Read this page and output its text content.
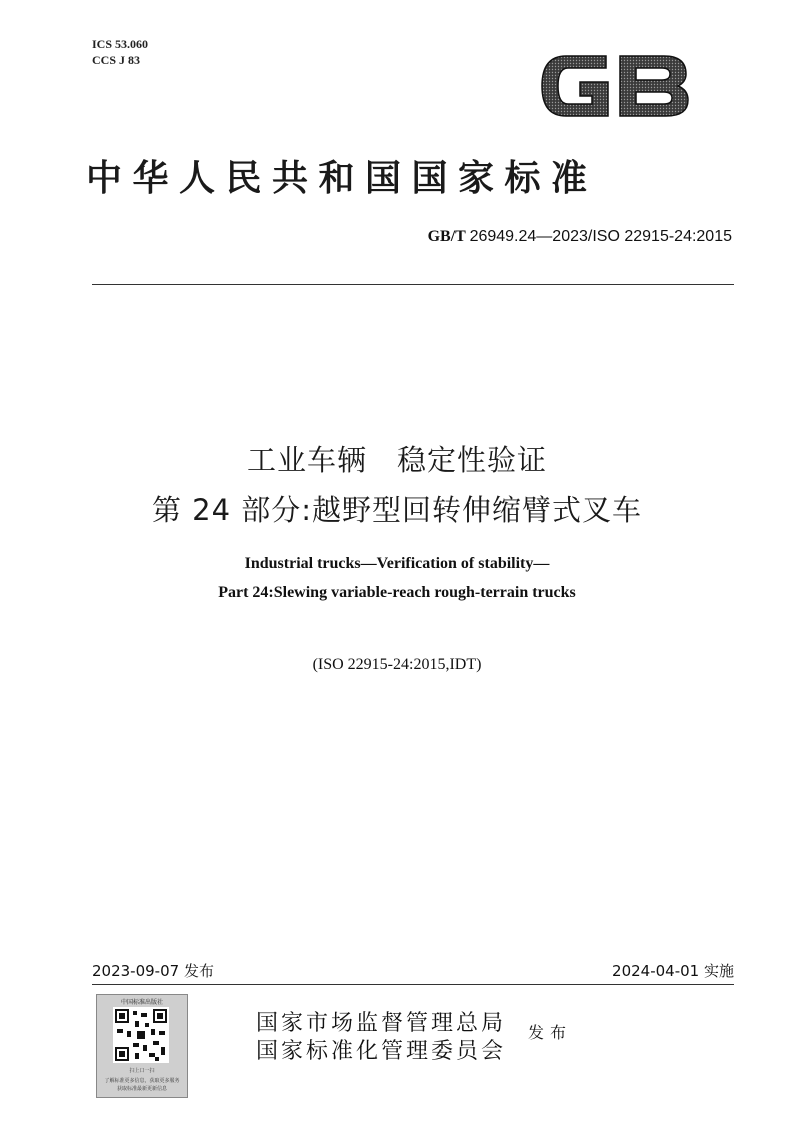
ICS 53.060
CCS J 83
中华人民共和国国家标准
GB/T 26949.24—2023/ISO 22915-24:2015
工业车辆　稳定性验证
第 24 部分:越野型回转伸缩臂式叉车
Industrial trucks—Verification of stability—
Part 24:Slewing variable-reach rough-terrain trucks
(ISO 22915-24:2015,IDT)
2023-09-07 发布	2024-04-01 实施
中国标准出版社
扫上口一扫
了解标准更多信息，获取更多服务
获取标准最新更新信息
国家市场监督管理总局
国家标准化管理委员会
发布
